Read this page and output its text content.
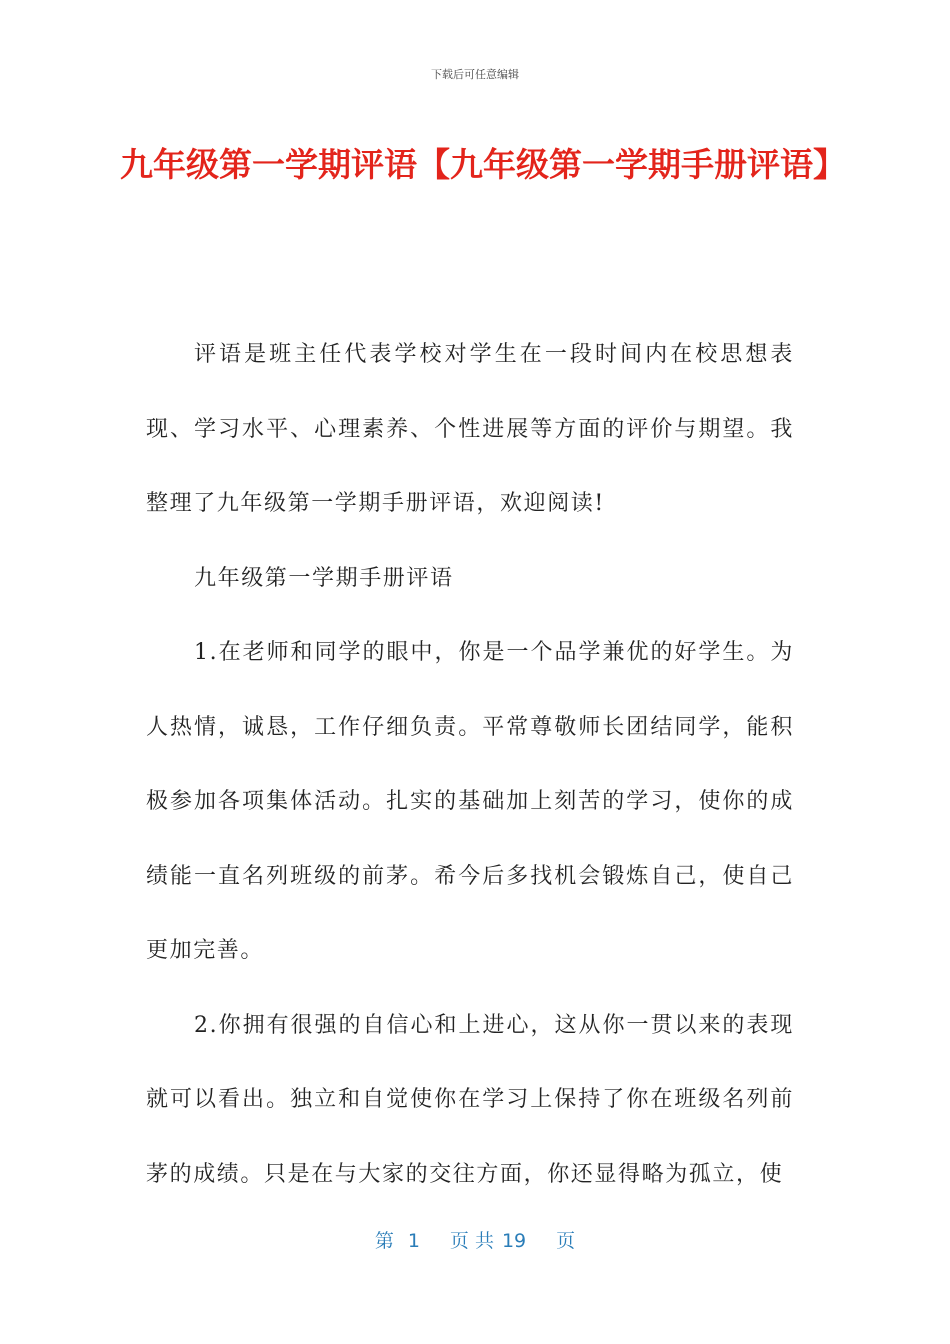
下载后可任意编辑
九年级第一学期评语【九年级第一学期手册评语】

评语是班主任代表学校对学生在一段时间内在校思想表现、学习水平、心理素养、个性进展等方面的评价与期望。我整理了九年级第一学期手册评语，欢迎阅读!

九年级第一学期手册评语

1.在老师和同学的眼中，你是一个品学兼优的好学生。为人热情，诚恳，工作仔细负责。平常尊敬师长团结同学，能积极参加各项集体活动。扎实的基础加上刻苦的学习，使你的成绩能一直名列班级的前茅。希今后多找机会锻炼自己，使自己更加完善。

2.你拥有很强的自信心和上进心，这从你一贯以来的表现就可以看出。独立和自觉使你在学习上保持了你在班级名列前茅的成绩。只是在与大家的交往方面，你还显得略为孤立，使

第 1 页 共 19 页
